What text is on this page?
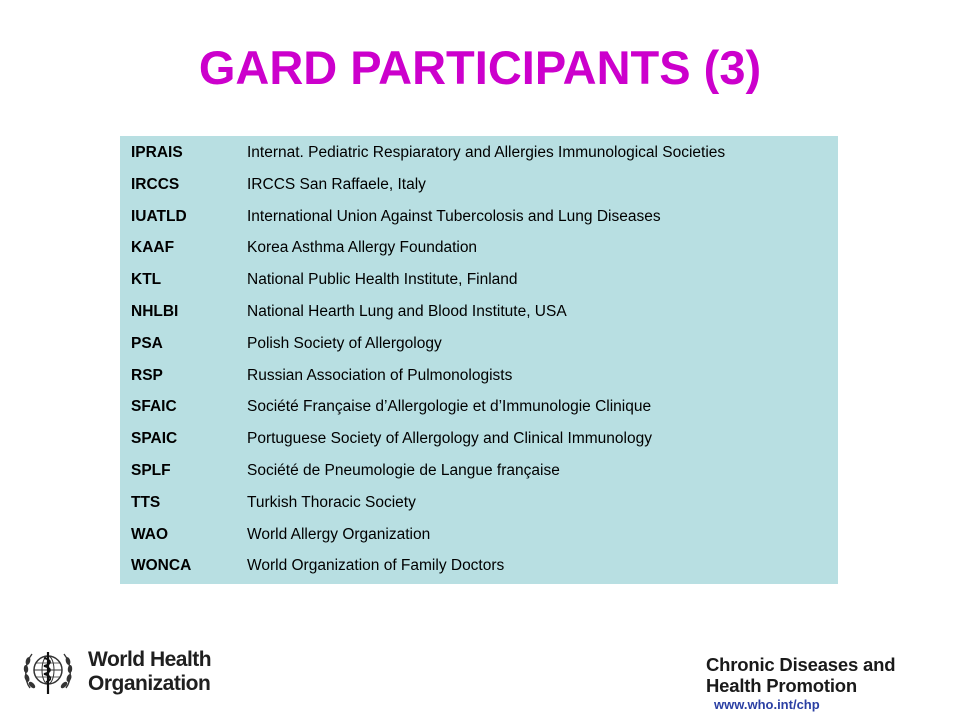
GARD PARTICIPANTS (3)
IPRAIS	Internat. Pediatric Respiaratory and Allergies Immunological Societies
IRCCS	IRCCS San Raffaele, Italy
IUATLD	International Union Against Tubercolosis and Lung Diseases
KAAF	Korea Asthma Allergy Foundation
KTL	National Public Health Institute, Finland
NHLBI	National Hearth Lung and Blood Institute, USA
PSA	Polish Society of Allergology
RSP	Russian Association of Pulmonologists
SFAIC	Société Française d’Allergologie et d’Immunologie Clinique
SPAIC	Portuguese Society of Allergology and Clinical Immunology
SPLF	Société de Pneumologie de Langue française
TTS	Turkish Thoracic Society
WAO	World Allergy Organization
WONCA	World Organization of Family Doctors
World Health
Organization
Chronic Diseases and
Health Promotion
www.who.int/chp
